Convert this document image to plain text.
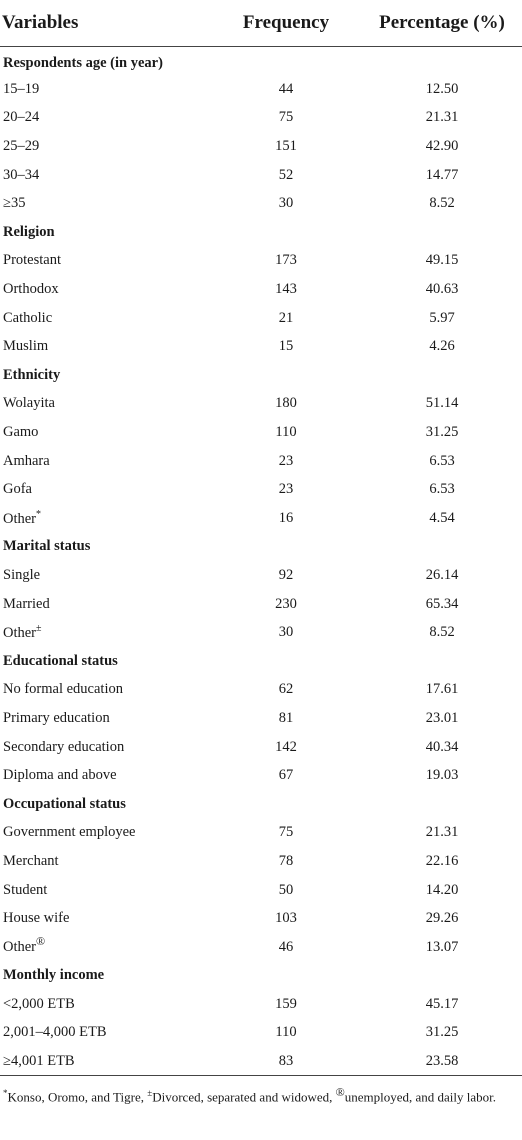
Variables	Frequency	Percentage (%)
Respondents age (in year)		
15–19	44	12.50
20–24	75	21.31
25–29	151	42.90
30–34	52	14.77
≥35	30	8.52
Religion		
Protestant	173	49.15
Orthodox	143	40.63
Catholic	21	5.97
Muslim	15	4.26
Ethnicity		
Wolayita	180	51.14
Gamo	110	31.25
Amhara	23	6.53
Gofa	23	6.53
Other*	16	4.54
Marital status		
Single	92	26.14
Married	230	65.34
Other±	30	8.52
Educational status		
No formal education	62	17.61
Primary education	81	23.01
Secondary education	142	40.34
Diploma and above	67	19.03
Occupational status		
Government employee	75	21.31
Merchant	78	22.16
Student	50	14.20
House wife	103	29.26
Other®	46	13.07
Monthly income		
<2,000 ETB	159	45.17
2,001–4,000 ETB	110	31.25
≥4,001 ETB	83	23.58
*Konso, Oromo, and Tigre, ±Divorced, separated and widowed, ®unemployed, and daily labor.		
